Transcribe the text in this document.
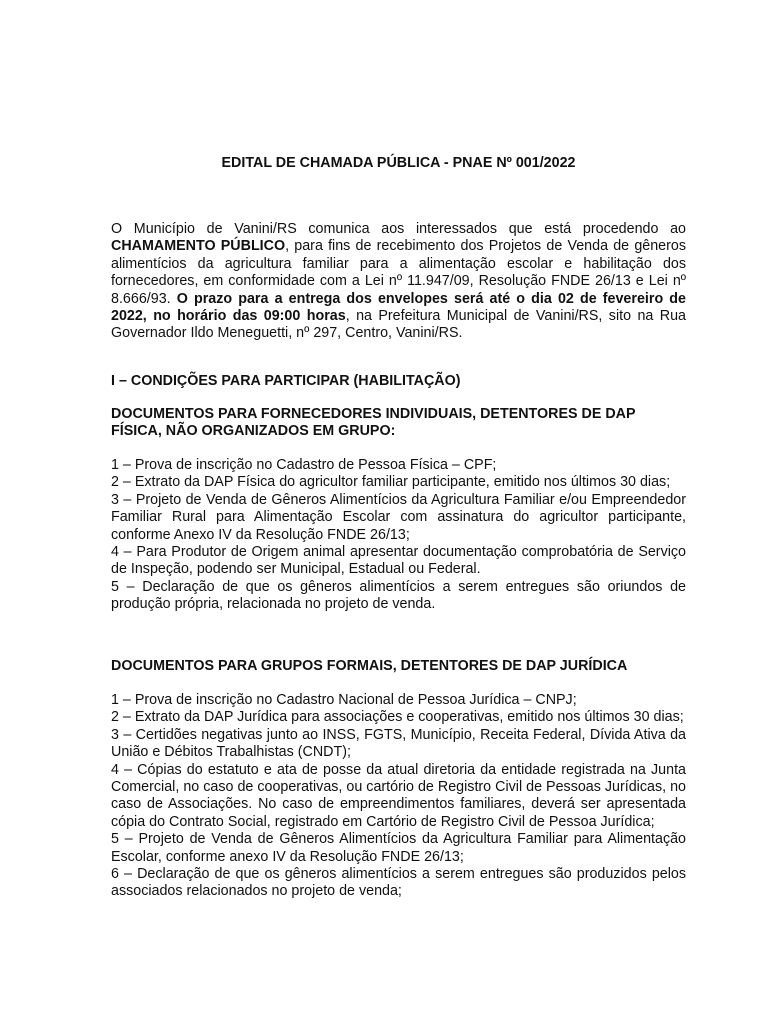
EDITAL DE CHAMADA PÚBLICA - PNAE Nº 001/2022

O Município de Vanini/RS comunica aos interessados que está procedendo ao CHAMAMENTO PÚBLICO, para fins de recebimento dos Projetos de Venda de gêneros alimentícios da agricultura familiar para a alimentação escolar e habilitação dos fornecedores, em conformidade com a Lei nº 11.947/09, Resolução FNDE 26/13 e Lei nº 8.666/93. O prazo para a entrega dos envelopes será até o dia 02 de fevereiro de 2022, no horário das 09:00 horas, na Prefeitura Municipal de Vanini/RS, sito na Rua Governador Ildo Meneguetti, nº 297, Centro, Vanini/RS.

I – CONDIÇÕES PARA PARTICIPAR (HABILITAÇÃO)
DOCUMENTOS PARA FORNECEDORES INDIVIDUAIS, DETENTORES DE DAP FÍSICA, NÃO ORGANIZADOS EM GRUPO:
1 – Prova de inscrição no Cadastro de Pessoa Física – CPF;
2 – Extrato da DAP Física do agricultor familiar participante, emitido nos últimos 30 dias;
3 – Projeto de Venda de Gêneros Alimentícios da Agricultura Familiar e/ou Empreendedor Familiar Rural para Alimentação Escolar com assinatura do agricultor participante, conforme Anexo IV da Resolução FNDE 26/13;
4 – Para Produtor de Origem animal apresentar documentação comprobatória de Serviço de Inspeção, podendo ser Municipal, Estadual ou Federal.
5 – Declaração de que os gêneros alimentícios a serem entregues são oriundos de produção própria, relacionada no projeto de venda.
DOCUMENTOS PARA GRUPOS FORMAIS, DETENTORES DE DAP JURÍDICA
1 – Prova de inscrição no Cadastro Nacional de Pessoa Jurídica – CNPJ;
2 – Extrato da DAP Jurídica para associações e cooperativas, emitido nos últimos 30 dias;
3 – Certidões negativas junto ao INSS, FGTS, Município, Receita Federal, Dívida Ativa da União e Débitos Trabalhistas (CNDT);
4 – Cópias do estatuto e ata de posse da atual diretoria da entidade registrada na Junta Comercial, no caso de cooperativas, ou cartório de Registro Civil de Pessoas Jurídicas, no caso de Associações. No caso de empreendimentos familiares, deverá ser apresentada cópia do Contrato Social, registrado em Cartório de Registro Civil de Pessoa Jurídica;
5 – Projeto de Venda de Gêneros Alimentícios da Agricultura Familiar para Alimentação Escolar, conforme anexo IV da Resolução FNDE 26/13;
6 – Declaração de que os gêneros alimentícios a serem entregues são produzidos pelos associados relacionados no projeto de venda;
